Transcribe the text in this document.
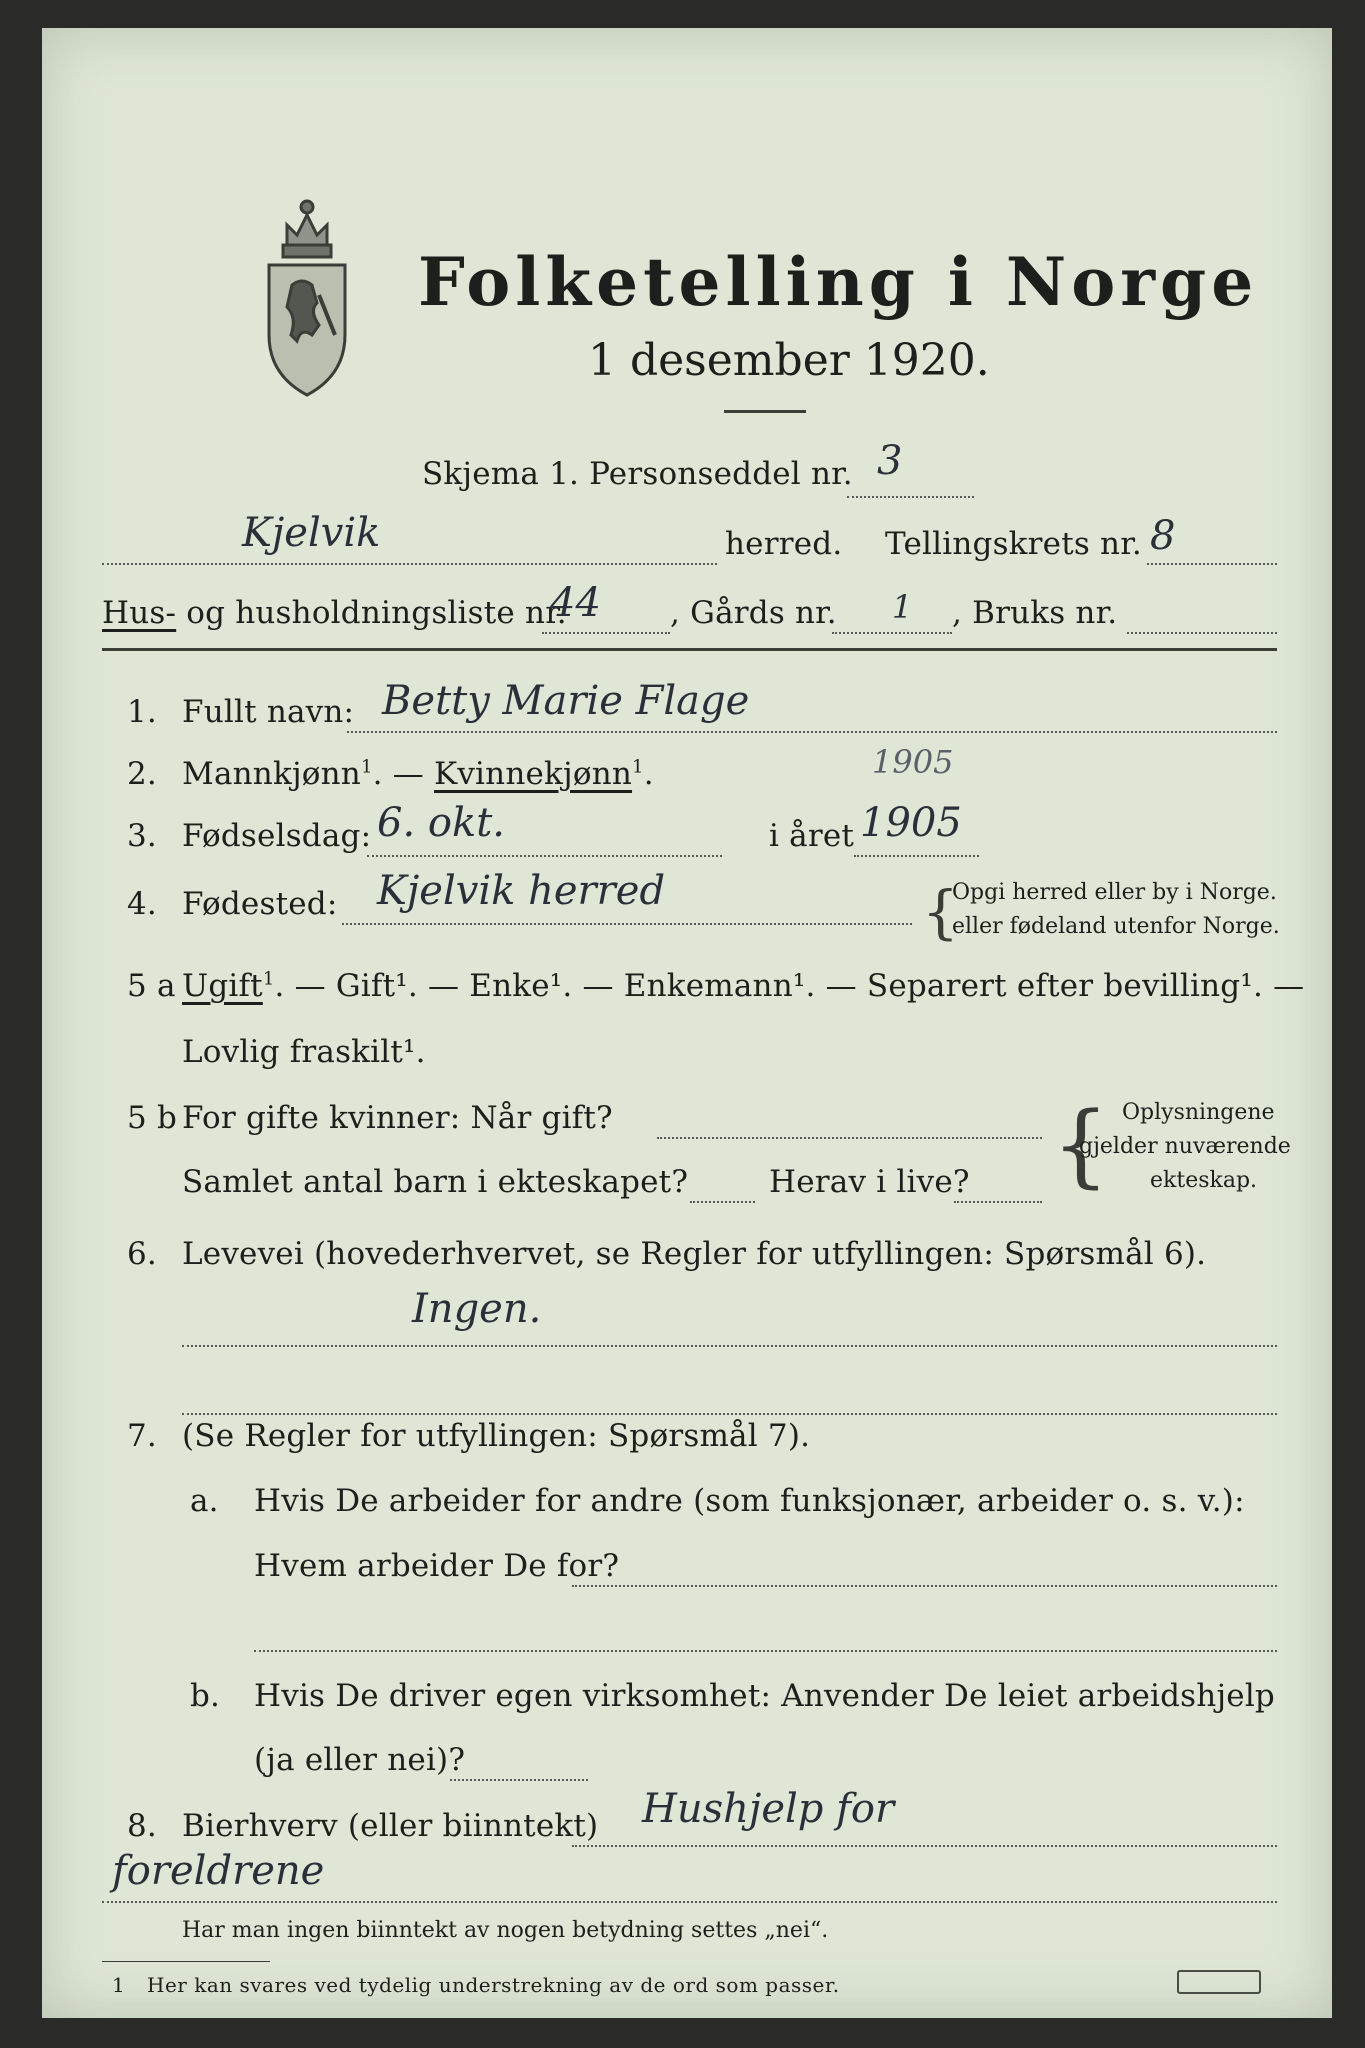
Folketelling i Norge
1 desember 1920.
Skjema 1. Personseddel nr. 3
Kjelvik	herred. Tellingskrets nr. 8
Hus- og husholdningsliste nr.
44 , Gårds nr. 1 , Bruks nr.
1. Fullt navn: Betty Marie Flage
2. Mannkjønn$^1$. — Kvinnekjønn$^1$.	1905
3. Fødselsdag: 6. okt.	i året 1905
4. Fødested: Kjelvik herred	{
Opgi herred eller by i Norge.
eller fødeland utenfor Norge.
5 a Ugift$^1$. — Gift¹. — Enke¹. — Enkemann¹. — Separert efter bevilling¹. —
Lovlig fraskilt¹.
5 b For gifte kvinner: Når gift?
Samlet antal barn i ekteskapet?	Herav i live? { Oplysningene
gjelder nuværende
ekteskap.
6. Levevei (hovederhvervet, se Regler for utfyllingen: Spørsmål 6).
Ingen.
7. (Se Regler for utfyllingen: Spørsmål 7).
a. Hvis De arbeider for andre (som funksjonær, arbeider o. s. v.):
Hvem arbeider De for?
b. Hvis De driver egen virksomhet: Anvender De leiet arbeidshjelp
(ja eller nei)?
8. Bierhverv (eller biinntekt) Hushjelp for
foreldrene
Har man ingen biinntekt av nogen betydning settes „nei“.
1 Her kan svares ved tydelig understrekning av de ord som passer.
